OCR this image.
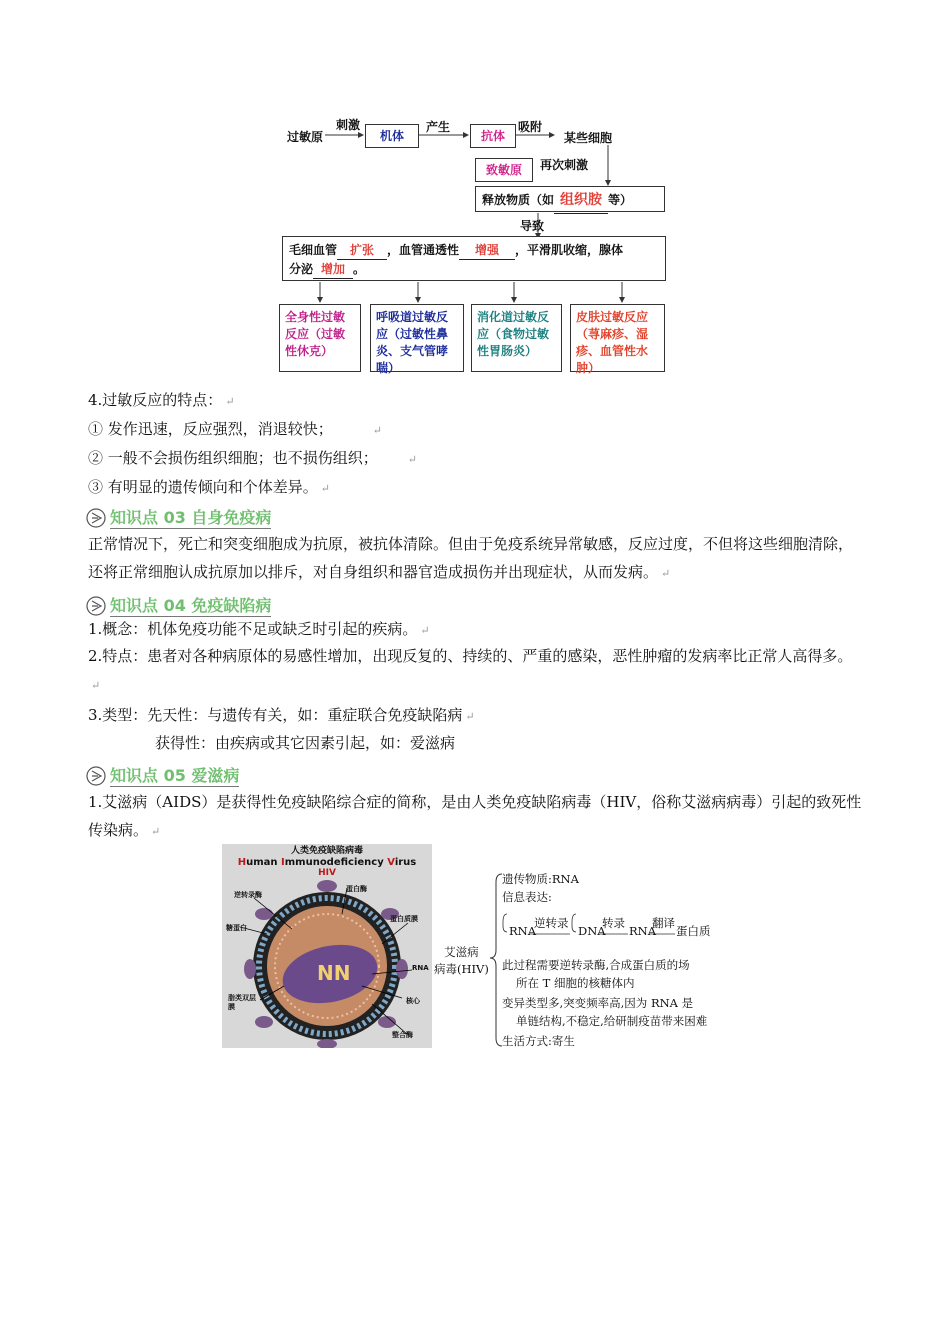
过敏原
刺激
机体
产生
抗体
吸附
某些细胞
致敏原	再次刺激
释放物质（如 组织胺 等）
导致
毛细血管 扩张 ，血管通透性 增强 ，平滑肌收缩，腺体
分泌 增加 。
全身性过敏反应（过敏性休克）
呼吸道过敏反应（过敏性鼻炎、支气管哮喘）
消化道过敏反应（食物过敏性胃肠炎）
皮肤过敏反应（荨麻疹、湿疹、血管性水肿）
4.过敏反应的特点： ↵
① 发作迅速，反应强烈，消退较快；	↵
② 一般不会损伤组织细胞；也不损伤组织；	↵
③ 有明显的遗传倾向和个体差异。 ↵
知识点 03 自身免疫病
正常情况下，死亡和突变细胞成为抗原，被抗体清除。但由于免疫系统异常敏感，反应过度，不但将这些细胞清除，还将正常细胞认成抗原加以排斥，对自身组织和器官造成损伤并出现症状，从而发病。 ↵
知识点 04 免疫缺陷病
1.概念：机体免疫功能不足或缺乏时引起的疾病。 ↵
2.特点：患者对各种病原体的易感性增加，出现反复的、持续的、严重的感染，恶性肿瘤的发病率比正常人高得多。↵
3.类型：先天性：与遗传有关，如：重症联合免疫缺陷病 ↵
获得性：由疾病或其它因素引起，如：爱滋病
知识点 05 爱滋病
1.艾滋病（AIDS）是获得性免疫缺陷综合症的简称，是由人类免疫缺陷病毒（HIV，俗称艾滋病病毒）引起的致死性传染病。 ↵
人类免疫缺陷病毒
Human Immunodeficiency Virus
HIV
NN
逆转录酶
蛋白酶
糖蛋白
蛋白质膜
RNA
脂类双层膜
核心
整合酶
艾滋病
病毒(HIV)
遗传物质:RNA
信息表达:
RNA
逆转录
DNA
转录
RNA
翻译
蛋白质
此过程需要逆转录酶,合成蛋白质的场
所在 T 细胞的核糖体内
变异类型多,突变频率高,因为 RNA 是
单链结构,不稳定,给研制疫苗带来困难
生活方式:寄生
